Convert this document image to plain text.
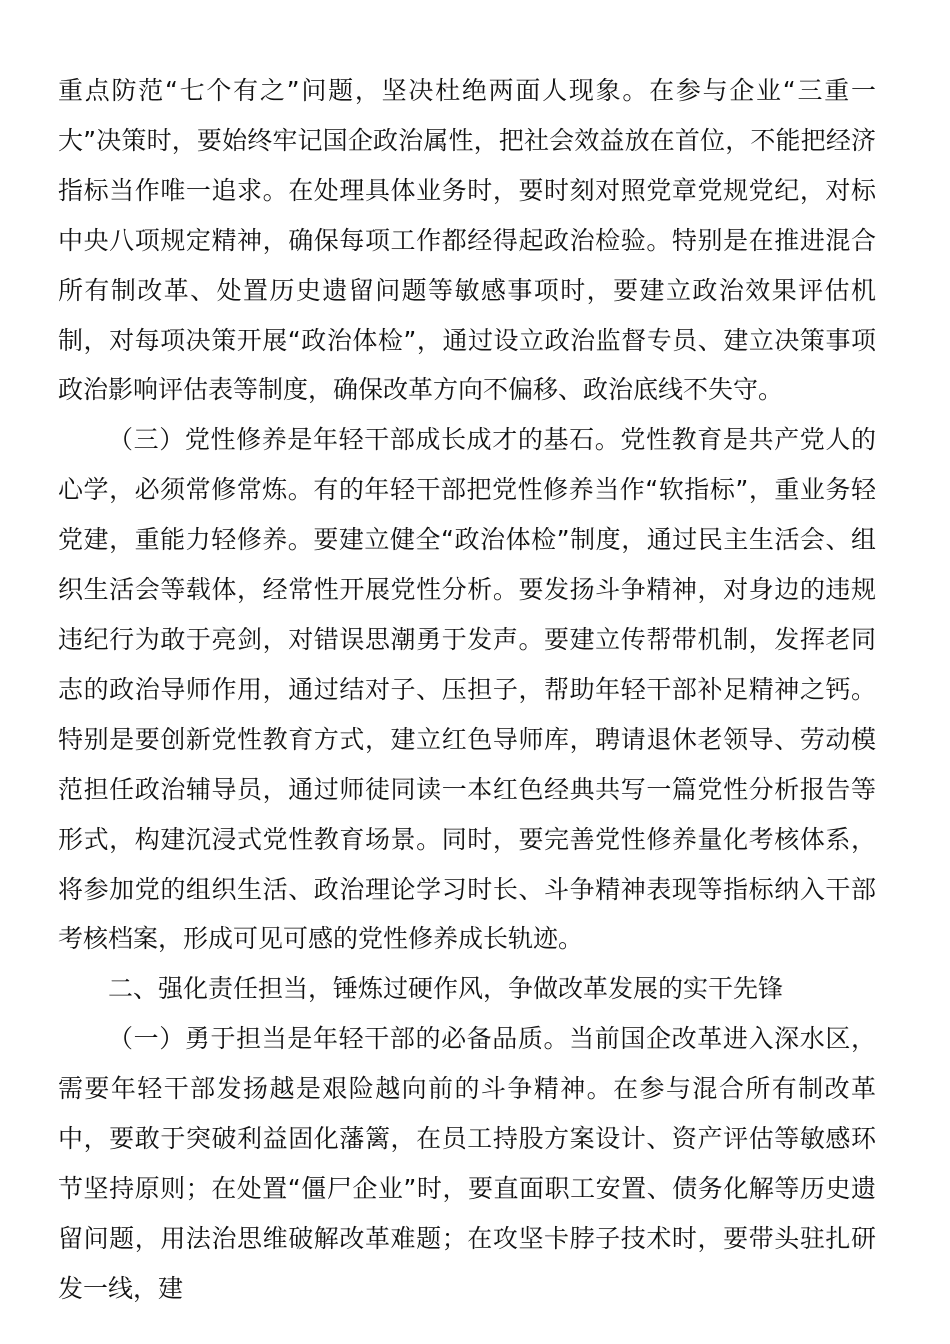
重点防范“七个有之”问题，坚决杜绝两面人现象。在参与企业“三重一大”决策时，要始终牢记国企政治属性，把社会效益放在首位，不能把经济指标当作唯一追求。在处理具体业务时，要时刻对照党章党规党纪，对标中央八项规定精神，确保每项工作都经得起政治检验。特别是在推进混合所有制改革、处置历史遗留问题等敏感事项时，要建立政治效果评估机制，对每项决策开展“政治体检”，通过设立政治监督专员、建立决策事项政治影响评估表等制度，确保改革方向不偏移、政治底线不失守。

（三）党性修养是年轻干部成长成才的基石。党性教育是共产党人的心学，必须常修常炼。有的年轻干部把党性修养当作“软指标”，重业务轻党建，重能力轻修养。要建立健全“政治体检”制度，通过民主生活会、组织生活会等载体，经常性开展党性分析。要发扬斗争精神，对身边的违规违纪行为敢于亮剑，对错误思潮勇于发声。要建立传帮带机制，发挥老同志的政治导师作用，通过结对子、压担子，帮助年轻干部补足精神之钙。特别是要创新党性教育方式，建立红色导师库，聘请退休老领导、劳动模范担任政治辅导员，通过师徒同读一本红色经典共写一篇党性分析报告等形式，构建沉浸式党性教育场景。同时，要完善党性修养量化考核体系，将参加党的组织生活、政治理论学习时长、斗争精神表现等指标纳入干部考核档案，形成可见可感的党性修养成长轨迹。

二、强化责任担当，锤炼过硬作风，争做改革发展的实干先锋

（一）勇于担当是年轻干部的必备品质。当前国企改革进入深水区，需要年轻干部发扬越是艰险越向前的斗争精神。在参与混合所有制改革中，要敢于突破利益固化藩篱，在员工持股方案设计、资产评估等敏感环节坚持原则；在处置“僵尸企业”时，要直面职工安置、债务化解等历史遗留问题，用法治思维破解改革难题；在攻坚卡脖子技术时，要带头驻扎研发一线，建
